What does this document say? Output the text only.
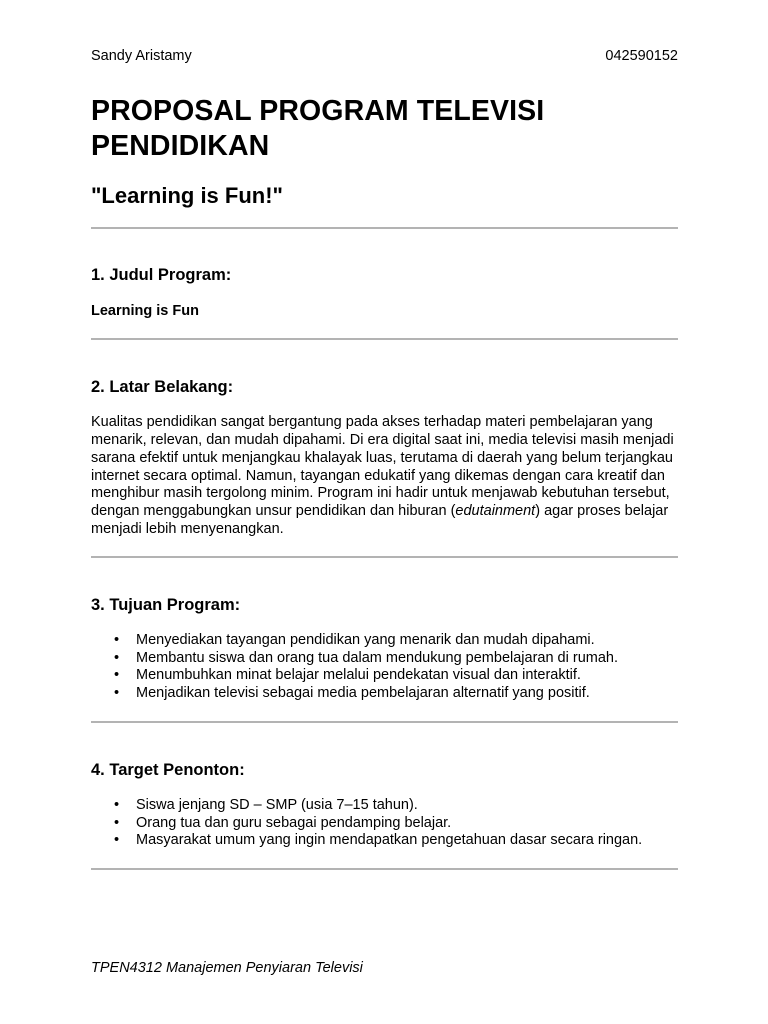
Sandy Aristamy	042590152
PROPOSAL PROGRAM TELEVISI PENDIDIKAN
"Learning is Fun!"
1. Judul Program:
Learning is Fun
2. Latar Belakang:

Kualitas pendidikan sangat bergantung pada akses terhadap materi pembelajaran yang menarik, relevan, dan mudah dipahami. Di era digital saat ini, media televisi masih menjadi sarana efektif untuk menjangkau khalayak luas, terutama di daerah yang belum terjangkau internet secara optimal. Namun, tayangan edukatif yang dikemas dengan cara kreatif dan menghibur masih tergolong minim. Program ini hadir untuk menjawab kebutuhan tersebut, dengan menggabungkan unsur pendidikan dan hiburan (edutainment) agar proses belajar menjadi lebih menyenangkan.

3. Tujuan Program:
• Menyediakan tayangan pendidikan yang menarik dan mudah dipahami.
• Membantu siswa dan orang tua dalam mendukung pembelajaran di rumah.
• Menumbuhkan minat belajar melalui pendekatan visual dan interaktif.
• Menjadikan televisi sebagai media pembelajaran alternatif yang positif.
4. Target Penonton:
• Siswa jenjang SD – SMP (usia 7–15 tahun).
• Orang tua dan guru sebagai pendamping belajar.
• Masyarakat umum yang ingin mendapatkan pengetahuan dasar secara ringan.
TPEN4312 Manajemen Penyiaran Televisi
